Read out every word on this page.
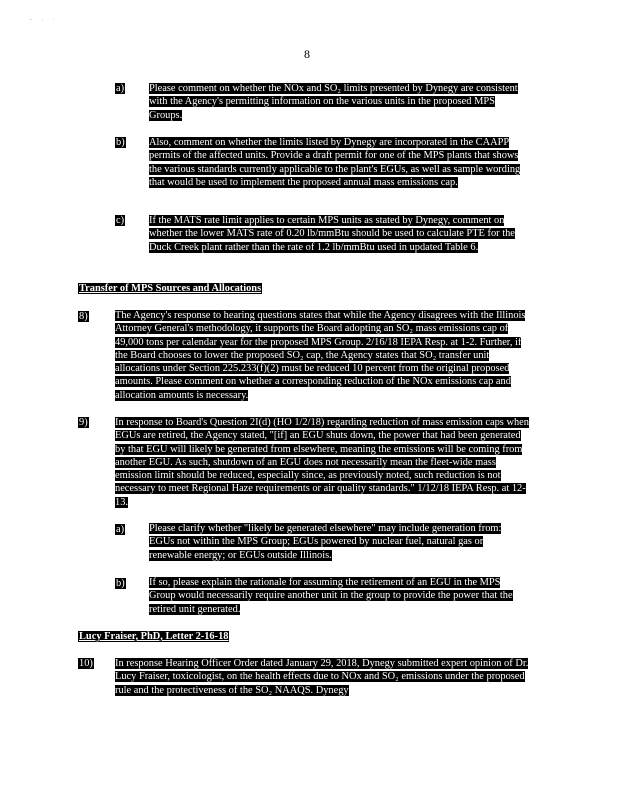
- . ·
8
a) Please comment on whether the NOx and SO₂ limits presented by Dynegy are consistent with the Agency's permitting information on the various units in the proposed MPS Groups.

b) Also, comment on whether the limits listed by Dynegy are incorporated in the CAAPP permits of the affected units. Provide a draft permit for one of the MPS plants that shows the various standards currently applicable to the plant's EGUs, as well as sample wording that would be used to implement the proposed annual mass emissions cap.

c) If the MATS rate limit applies to certain MPS units as stated by Dynegy, comment on whether the lower MATS rate of 0.20 lb/mmBtu should be used to calculate PTE for the Duck Creek plant rather than the rate of 1.2 lb/mmBtu used in updated Table 6.

Transfer of MPS Sources and Allocations
8)	The Agency's response to hearing questions states that while the Agency disagrees with the Illinois Attorney General's methodology, it supports the Board adopting an SO₂ mass emissions cap of 49,000 tons per calendar year for the proposed MPS Group. 2/16/18 IEPA Resp. at 1-2. Further, if the Board chooses to lower the proposed SO₂ cap, the Agency states that SO₂ transfer unit allocations under Section 225.233(f)(2) must be reduced 10 percent from the original proposed amounts. Please comment on whether a corresponding reduction of the NOx emissions cap and allocation amounts is necessary.

9)	In response to Board's Question 2I(d) (HO 1/2/18) regarding reduction of mass emission caps when EGUs are retired, the Agency stated, "[if] an EGU shuts down, the power that had been generated by that EGU will likely be generated from elsewhere, meaning the emissions will be coming from another EGU. As such, shutdown of an EGU does not necessarily mean the fleet-wide mass emission limit should be reduced, especially since, as previously noted, such reduction is not necessary to meet Regional Haze requirements or air quality standards." 1/12/18 IEPA Resp. at 12-13.

a) Please clarify whether "likely be generated elsewhere" may include generation from: EGUs not within the MPS Group; EGUs powered by nuclear fuel, natural gas or renewable energy; or EGUs outside Illinois.

b) If so, please explain the rationale for assuming the retirement of an EGU in the MPS Group would necessarily require another unit in the group to provide the power that the retired unit generated.

Lucy Fraiser, PhD, Letter 2-16-18
10) In response Hearing Officer Order dated January 29, 2018, Dynegy submitted expert opinion of Dr. Lucy Fraiser, toxicologist, on the health effects due to NOx and SO₂ emissions under the proposed rule and the protectiveness of the SO₂ NAAQS. Dynegy
